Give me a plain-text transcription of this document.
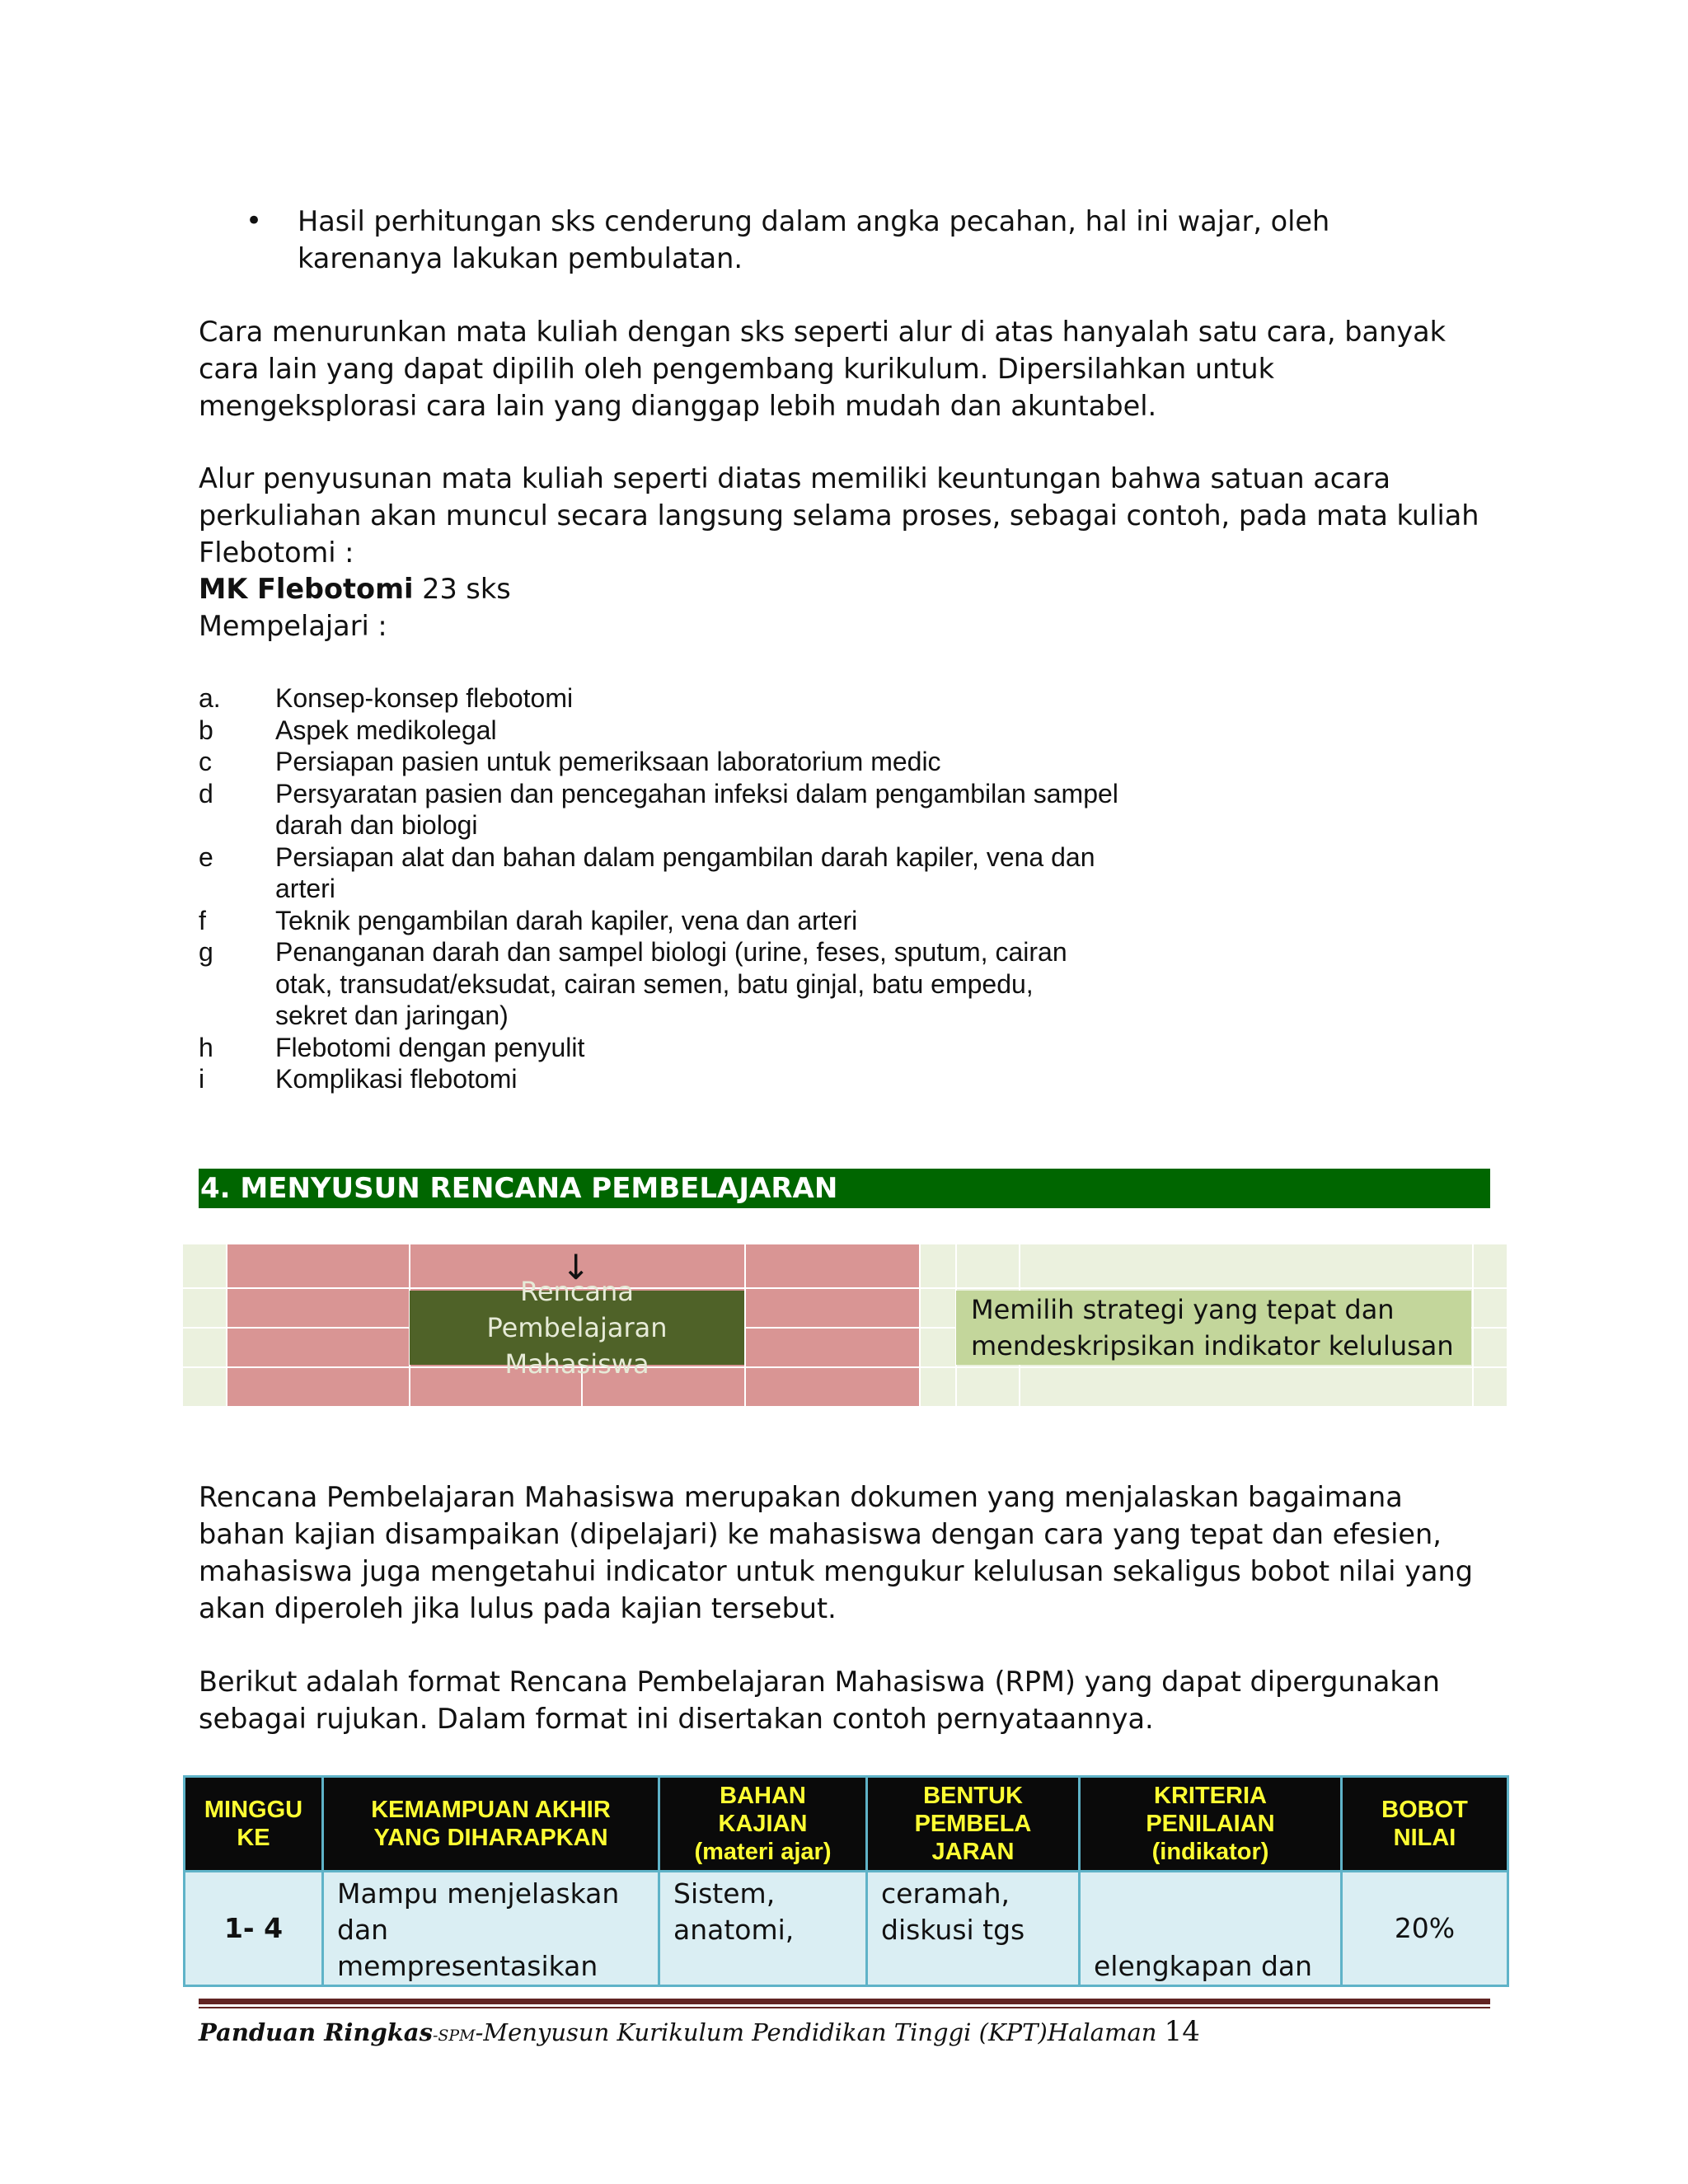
• Hasil perhitungan sks cenderung dalam angka pecahan, hal ini wajar, oleh karenanya lakukan pembulatan.

Cara menurunkan mata kuliah dengan sks seperti alur di atas hanyalah satu cara, banyak cara lain yang dapat dipilih oleh pengembang kurikulum. Dipersilahkan untuk mengeksplorasi cara lain yang dianggap lebih mudah dan akuntabel.

Alur penyusunan mata kuliah seperti diatas memiliki keuntungan bahwa satuan acara perkuliahan akan muncul secara langsung selama proses, sebagai contoh, pada mata kuliah Flebotomi :

MK Flebotomi 23 sks

Mempelajari :

a.	Konsep-konsep flebotomi
b	Aspek medikolegal
c	Persiapan pasien untuk pemeriksaan laboratorium medic
d	Persyaratan pasien dan pencegahan infeksi dalam pengambilan sampel darah dan biologi
e	Persiapan alat dan bahan dalam pengambilan darah kapiler, vena dan arteri
f	Teknik pengambilan darah kapiler, vena dan arteri
g	Penanganan darah dan sampel biologi (urine, feses, sputum, cairan otak, transudat/eksudat, cairan semen, batu ginjal, batu empedu, sekret dan jaringan)
h	Flebotomi dengan penyulit
i	Komplikasi flebotomi
4. MENYUSUN RENCANA PEMBELAJARAN
↓
Rencana Pembelajaran Mahasiswa
Memilih strategi yang tepat dan mendeskripsikan indikator kelulusan

Rencana Pembelajaran Mahasiswa merupakan dokumen yang menjalaskan bagaimana bahan kajian disampaikan (dipelajari) ke mahasiswa dengan cara yang tepat dan efesien, mahasiswa juga mengetahui indicator untuk mengukur kelulusan sekaligus bobot nilai yang akan diperoleh jika lulus pada kajian tersebut.

Berikut adalah format Rencana Pembelajaran Mahasiswa (RPM) yang dapat dipergunakan sebagai rujukan. Dalam format ini disertakan contoh pernyataannya.

MINGGU KE	KEMAMPUAN AKHIR YANG DIHARAPKAN	BAHAN KAJIAN (materi ajar)	BENTUK PEMBELA JARAN	KRITERIA PENILAIAN (indikator)	BOBOT NILAI

1- 4	Mampu menjelaskan dan mempresentasikan	Sistem, anatomi,	ceramah, diskusi tgs	elengkapan dan	20%
Panduan Ringkas-SPM-Menyusun Kurikulum Pendidikan Tinggi (KPT)Halaman 14
